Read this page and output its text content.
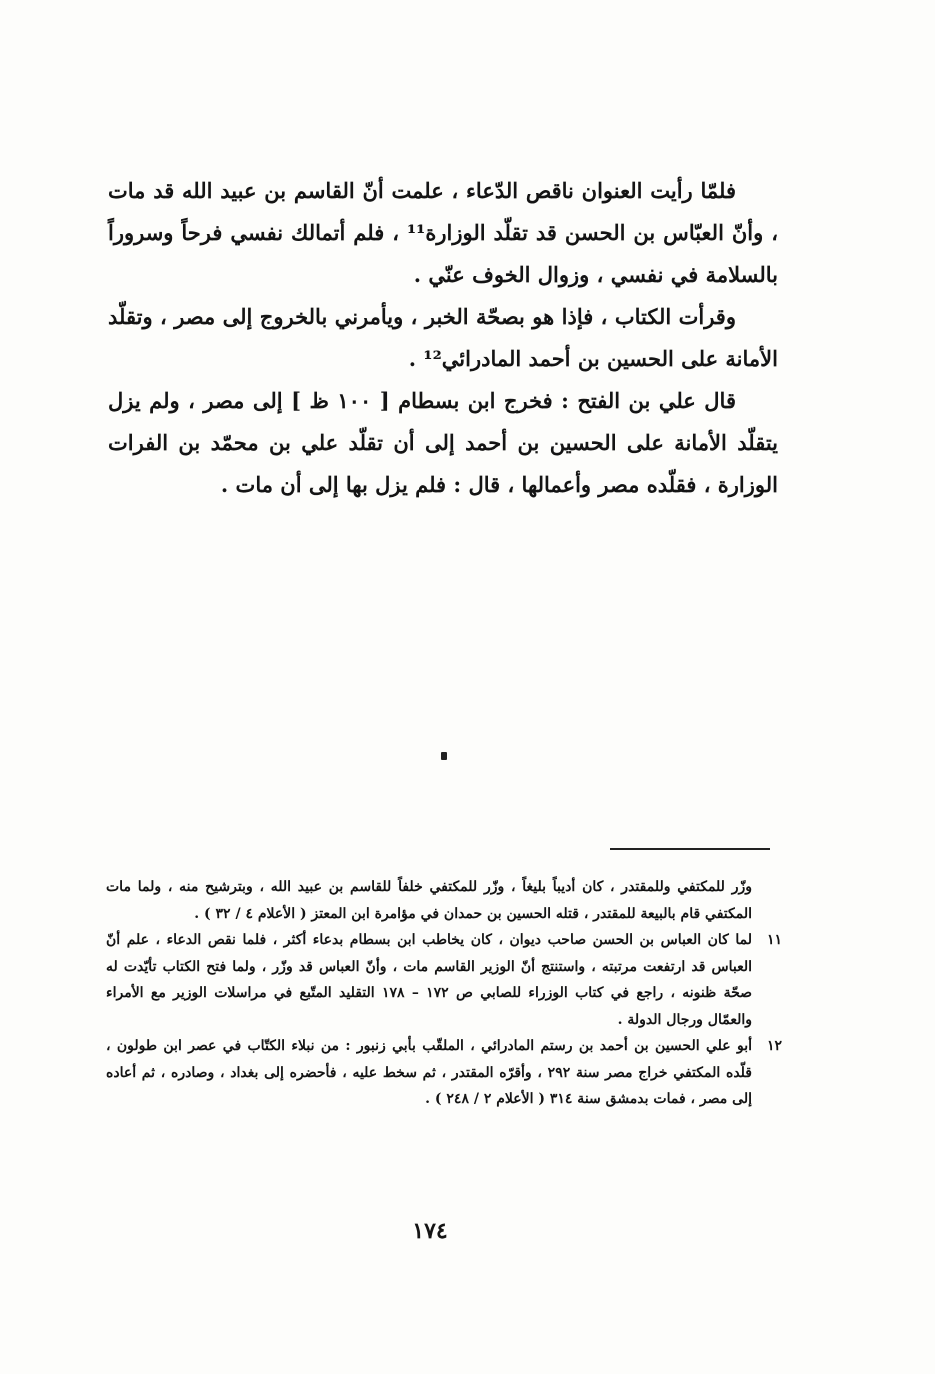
فلمّا رأيت العنوان ناقص الدّعاء ، علمت أنّ القاسم بن عبيد الله قد مات ، وأنّ العبّاس بن الحسن قد تقلّد الوزارة¹¹ ، فلم أتمالك نفسي فرحاً وسروراً بالسلامة في نفسي ، وزوال الخوف عنّي .

وقرأت الكتاب ، فإذا هو بصحّة الخبر ، ويأمرني بالخروج إلى مصر ، وتقلّد الأمانة على الحسين بن أحمد المادرائي¹² .

قال علي بن الفتح : فخرج ابن بسطام [ ١٠٠ ظ ] إلى مصر ، ولم يزل يتقلّد الأمانة على الحسين بن أحمد إلى أن تقلّد علي بن محمّد بن الفرات الوزارة ، فقلّده مصر وأعمالها ، قال : فلم يزل بها إلى أن مات .

وزّر للمكتفي وللمقتدر ، كان أديباً بليغاً ، وزّر للمكتفي خلفاً للقاسم بن عبيد الله ، وبترشيح منه ، ولما مات المكتفي قام بالبيعة للمقتدر ، قتله الحسين بن حمدان في مؤامرة ابن المعتز ( الأعلام ٤ / ٣٢ ) .
١١
لما كان العباس بن الحسن صاحب ديوان ، كان يخاطب ابن بسطام بدعاء أكثر ، فلما نقص الدعاء ، علم أنّ العباس قد ارتفعت مرتبته ، واستنتج أنّ الوزير القاسم مات ، وأنّ العباس قد وزّر ، ولما فتح الكتاب تأيّدت له صحّة ظنونه ، راجع في كتاب الوزراء للصابي ص ١٧٢ – ١٧٨ التقليد المتّبع في مراسلات الوزير مع الأمراء والعمّال ورجال الدولة .
١٢
أبو علي الحسين بن أحمد بن رستم المادرائي ، الملقّب بأبي زنبور : من نبلاء الكتّاب في عصر ابن طولون ، قلّده المكتفي خراج مصر سنة ٢٩٢ ، وأقرّه المقتدر ، ثم سخط عليه ، فأحضره إلى بغداد ، وصادره ، ثم أعاده إلى مصر ، فمات بدمشق سنة ٣١٤ ( الأعلام ٢ / ٢٤٨ ) .
١٧٤
